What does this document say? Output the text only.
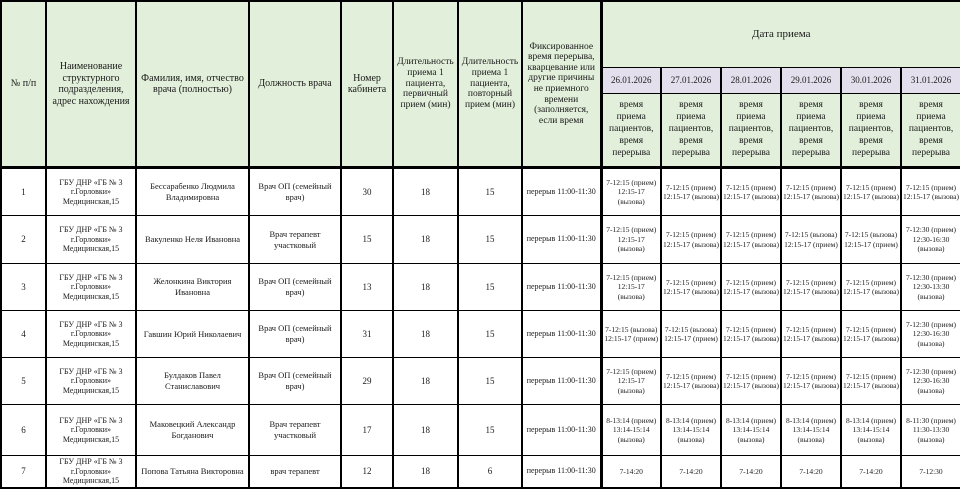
№ п/п	Наименование структурного подразделения, адрес нахождения	Фамилия, имя, отчество врача (полностью)	Должность врача	Номер кабинета	Длительность приема 1 пациента, первичный прием (мин)	Длительность приема 1 пациента, повторный прием (мин)	Фиксированное время перерыва, кварцевание или другие причины не приемного времени (заполняется, если время	Дата приема					
								26.01.2026	27.01.2026	28.01.2026	29.01.2026	30.01.2026	31.01.2026
								время приема пациентов, время перерыва	время приема пациентов, время перерыва	время приема пациентов, время перерыва	время приема пациентов, время перерыва	время приема пациентов, время перерыва	время приема пациентов, время перерыва
1	ГБУ ДНР «ГБ № 3 г.Горловки» Медицинская,15	Бессарабенко Людмила Владимировна	Врач ОП (семейный врач)	30	18	15	перерыв 11:00-11:30	7-12:15 (прием) 12:15-17 (вызова)	7-12:15 (прием) 12:15-17 (вызова)	7-12:15 (прием) 12:15-17 (вызова)	7-12:15 (прием) 12:15-17 (вызова)	7-12:15 (прием) 12:15-17 (вызова)	7-12:15 (прием) 12:15-17 (вызова)
2	ГБУ ДНР «ГБ № 3 г.Горловки» Медицинская,15	Вакуленко Неля Ивановна	Врач терапевт участковый	15	18	15	перерыв 11:00-11:30	7-12:15 (прием) 12:15-17 (вызова)	7-12:15 (прием) 12:15-17 (вызова)	7-12:15 (прием) 12:15-17 (вызова)	7-12:15 (вызова) 12:15-17 (прием)	7-12:15 (вызова) 12:15-17 (прием)	7-12:30 (прием) 12:30-16:30 (вызова)
3	ГБУ ДНР «ГБ № 3 г.Горловки» Медицинская,15	Желонкина Виктория Ивановна	Врач ОП (семейный врач)	13	18	15	перерыв 11:00-11:30	7-12:15 (прием) 12:15-17 (вызова)	7-12:15 (прием) 12:15-17 (вызова)	7-12:15 (прием) 12:15-17 (вызова)	7-12:15 (прием) 12:15-17 (вызова)	7-12:15 (прием) 12:15-17 (вызова)	7-12:30 (прием) 12:30-13:30 (вызова)
4	ГБУ ДНР «ГБ № 3 г.Горловки» Медицинская,15	Гавшин Юрий Николаевич	Врач ОП (семейный врач)	31	18	15	перерыв 11:00-11:30	7-12:15 (вызова) 12:15-17 (прием)	7-12:15 (вызова) 12:15-17 (прием)	7-12:15 (прием) 12:15-17 (вызова)	7-12:15 (прием) 12:15-17 (вызова)	7-12:15 (прием) 12:15-17 (вызова)	7-12:30 (прием) 12:30-16:30 (вызова)
5	ГБУ ДНР «ГБ № 3 г.Горловки» Медицинская,15	Булдаков Павел Станиславович	Врач ОП (семейный врач)	29	18	15	перерыв 11:00-11:30	7-12:15 (прием) 12:15-17 (вызова)	7-12:15 (прием) 12:15-17 (вызова)	7-12:15 (прием) 12:15-17 (вызова)	7-12:15 (прием) 12:15-17 (вызова)	7-12:15 (прием) 12:15-17 (вызова)	7-12:30 (прием) 12:30-16:30 (вызова)
6	ГБУ ДНР «ГБ № 3 г.Горловки» Медицинская,15	Маковецкий Александр Богданович	Врач терапевт участковый	17	18	15	перерыв 11:00-11:30	8-13:14 (прием) 13:14-15:14 (вызова)	8-13:14 (прием) 13:14-15:14 (вызова)	8-13:14 (прием) 13:14-15:14 (вызова)	8-13:14 (прием) 13:14-15:14 (вызова)	8-13:14 (прием) 13:14-15:14 (вызова)	8-11:30 (прием) 11:30-13:30 (вызова)
7	ГБУ ДНР «ГБ № 3 г.Горловки» Медицинская,15	Попова Татьяна Викторовна	врач терапевт	12	18	6	перерыв 11:00-11:30	7-14:20	7-14:20	7-14:20	7-14:20	7-14:20	7-12:30
